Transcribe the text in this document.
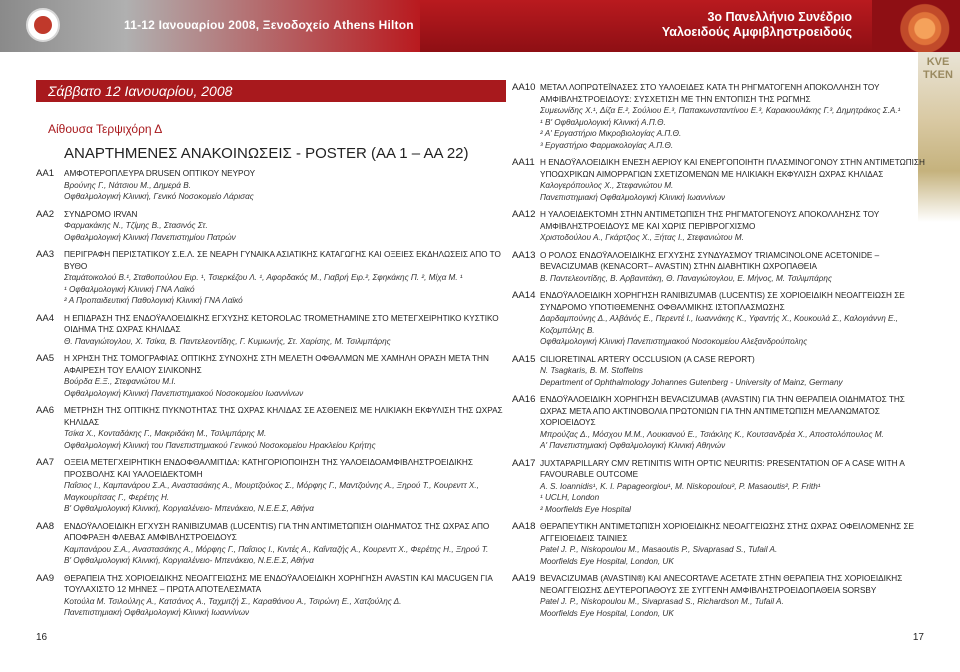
11-12 Ιανουαρίου 2008, Ξενοδοχείο Athens Hilton
3ο Πανελλήνιο Συνέδριο
Υαλοειδούς Αμφιβληστροειδούς
KVE
TKEN
Σάββατο 12 Ιανουαρίου, 2008
Αίθουσα Τερψιχόρη Δ
ΑΝΑΡΤΗΜΕΝΕΣ ΑΝΑΚΟΙΝΩΣΕΙΣ - POSTER (ΑΑ 1 – ΑΑ 22)
ΑΑ1	ΑΜΦΟΤΕΡΟΠΛΕΥΡΑ DRUSEN ΟΠΤΙΚΟΥ ΝΕΥΡΟΥ
Βρούνης Γ., Νάτσιου Μ., Δημερά Β.
Οφθαλμολογική Κλινική, Γενικό Νοσοκομείο Λάρισας
ΑΑ2	ΣΥΝΔΡΟΜΟ IRVAN
Φαρμακάκης Ν., Τζίμης Β., Στασινός Στ.
Οφθαλμολογική Κλινική Πανεπιστημίου Πατρών
ΑΑ3	ΠΕΡΙΓΡΑΦΗ ΠΕΡΙΣΤΑΤΙΚΟΥ Σ.Ε.Λ. ΣΕ ΝΕΑΡΗ ΓΥΝΑΙΚΑ ΑΣΙΑΤΙΚΗΣ ΚΑΤΑΓΩΓΗΣ ΚΑΙ ΟΞΕΙΕΣ ΕΚΔΗΛΩΣΕΙΣ ΑΠΟ ΤΟ ΒΥΘΟ
Σταμάτοικολού Β.¹, Σταθοπούλου Ειρ. ¹, Τσιερκέζου Λ. ¹, Αφορδακός Μ., Γιαβρή Ειρ.², Σφηκάκης Π. ², Μίχα Μ. ¹
¹ Οφθαλμολογική Κλινική ΓΝΑ Λαϊκό
² Α Προπαιδευτική Παθολογική Κλινική ΓΝΑ Λαϊκό
ΑΑ4	Η ΕΠΙΔΡΑΣΗ ΤΗΣ ΕΝΔΟΫΑΛΟΕΙΔΙΚΗΣ ΕΓΧΥΣΗΣ KETOROLAC TROMETHAMINE ΣΤΟ ΜΕΤΕΓΧΕΙΡΗΤΙΚΟ ΚΥΣΤΙΚΟ ΟΙΔΗΜΑ ΤΗΣ ΩΧΡΑΣ ΚΗΛΙΔΑΣ
Θ. Παναγιώτογλου, Χ. Τσίκα, Β. Παντελεοντίδης, Γ. Κυμιωνής, Στ. Χαρίσης, Μ. Τσιλιμπάρης
ΑΑ5	Η ΧΡΗΣΗ ΤΗΣ ΤΟΜΟΓΡΑΦΙΑΣ ΟΠΤΙΚΗΣ ΣΥΝΟΧΗΣ ΣΤΗ ΜΕΛΕΤΗ ΟΦΘΑΛΜΩΝ ΜΕ ΧΑΜΗΛΗ ΟΡΑΣΗ ΜΕΤΑ ΤΗΝ ΑΦΑΙΡΕΣΗ ΤΟΥ ΕΛΑΙΟΥ ΣΙΛΙΚΟΝΗΣ
Βούρδα Ε.Ξ., Στεφανιώτου Μ.Ι.
Οφθαλμολογική Κλινική Πανεπιστημιακού Νοσοκομείου Ιωαννίνων
ΑΑ6	ΜΕΤΡΗΣΗ ΤΗΣ ΟΠΤΙΚΗΣ ΠΥΚΝΟΤΗΤΑΣ ΤΗΣ ΩΧΡΑΣ ΚΗΛΙΔΑΣ ΣΕ ΑΣΘΕΝΕΙΣ ΜΕ ΗΛΙΚΙΑΚΗ ΕΚΦΥΛΙΣΗ ΤΗΣ ΩΧΡΑΣ ΚΗΛΙΔΑΣ
Τσίκα Χ., Κονταδάκης Γ., Μακριδάκη Μ., Τσιλιμπάρης Μ.
Οφθαλμολογική Κλινική του Πανεπιστημιακού Γενικού Νοσοκομείου Ηρακλείου Κρήτης
ΑΑ7	ΟΞΕΙΑ ΜΕΤΕΓΧΕΙΡΗΤΙΚΗ ΕΝΔΟΦΘΑΛΜΙΤΙΔΑ: ΚΑΤΗΓΟΡΙΟΠΟΙΗΣΗ ΤΗΣ ΥΑΛΟΕΙΔΟΑΜΦΙΒΛΗΣΤΡΟΕΙΔΙΚΗΣ ΠΡΟΣΒΟΛΗΣ ΚΑΙ ΥΑΛΟΕΙΔΕΚΤΟΜΗ
Παΐσιος Ι., Καμπανάρου Σ.Α., Αναστασάκης Α., Μουρτζούκος Σ., Μόρφης Γ., Μαντζούνης Α., Ξηρού Τ., Κουρενττ Χ., Μαγκουρίτσας Γ., Φερέτης Η.
Β' Οφθαλμολογική Κλινική, Κοργιαλένειο- Μπενάκειο, Ν.Ε.Ε.Σ, Αθήνα
ΑΑ8	ΕΝΔΟΫΑΛΟΕΙΔΙΚΗ ΕΓΧΥΣΗ RANIBIZUMAB (LUCENTIS) ΓΙΑ ΤΗΝ ΑΝΤΙΜΕΤΩΠΙΣΗ ΟΙΔΗΜΑΤΟΣ ΤΗΣ ΩΧΡΑΣ ΑΠΟ ΑΠΟΦΡΑΞΗ ΦΛΕΒΑΣ ΑΜΦΙΒΛΗΣΤΡΟΕΙΔΟΥΣ
Καμπανάρου Σ.Α., Αναστασάκης Α., Μόρφης Γ., Παΐσιος Ι., Κιντές Α., Καΐνταζής Α., Κουρενττ Χ., Φερέτης Η., Ξηρού Τ.
Β' Οφθαλμολογική Κλινική, Κοργιαλένειο- Μπενάκειο, Ν.Ε.Ε.Σ, Αθήνα
ΑΑ9	ΘΕΡΑΠΕΙΑ ΤΗΣ ΧΟΡΙΟΕΙΔΙΚΗΣ ΝΕΟΑΓΓΕΙΩΣΗΣ ΜΕ ΕΝΔΟΫΑΛΟΕΙΔΙΚΗ ΧΟΡΗΓΗΣΗ AVASTIN ΚΑΙ MACUGEN ΓΙΑ ΤΟΥΛΑΧΙΣΤΟ 12 ΜΗΝΕΣ – ΠΡΩΤΑ ΑΠΟΤΕΛΕΣΜΑΤΑ
Κοτούλα Μ. Τσιλούλης Α., Κατσάνος Α., Ταχμιτζή Σ., Καραθάνου Α., Τσιρώνη Ε., Χατζούλης Δ.
Πανεπιστημιακή Οφθαλμολογική Κλινική Ιωαννίνων
ΑΑ10 ΜΕΤΑΛ ΛΟΠΡΩΤΕΪΝΑΣΕΣ ΣΤΟ ΥΑΛΟΕΙΔΕΣ ΚΑΤΑ ΤΗ ΡΗΓΜΑΤΟΓΕΝΗ ΑΠΟΚΟΛΛΗΣΗ ΤΟΥ ΑΜΦΙΒΛΗΣΤΡΟΕΙΔΟΥΣ: ΣΥΣΧΕΤΙΣΗ ΜΕ ΤΗΝ ΕΝΤΟΠΙΣΗ ΤΗΣ ΡΩΓΜΗΣ
Συμεωνίδης Χ.¹, Δίζα Ε.², Σούλιου Ε.³, Παπακωνσταντίνου Ε.³, Καρακιουλάκης Γ.³, Δημητράκος Σ.Α.¹
¹ Β' Οφθαλμολογική Κλινική Α.Π.Θ.
² Α' Εργαστήριο Μικροβιολογίας Α.Π.Θ.
³ Εργαστήριο Φαρμακολογίας Α.Π.Θ.
ΑΑ11 Η ΕΝΔΟΫΑΛΟΕΙΔΙΚΗ ΕΝΕΣΗ ΑΕΡΙΟΥ ΚΑΙ ΕΝΕΡΓΟΠΟΙΗΤΗ ΠΛΑΣΜΙΝΟΓΟΝΟΥ ΣΤΗΝ ΑΝΤΙΜΕΤΩΠΙΣΗ ΥΠΟΩΧΡΙΚΩΝ ΑΙΜΟΡΡΑΓΙΩΝ ΣΧΕΤΙΖΟΜΕΝΩΝ ΜΕ ΗΛΙΚΙΑΚΗ ΕΚΦΥΛΙΣΗ ΩΧΡΑΣ ΚΗΛΙΔΑΣ
Καλογερόπουλος Χ., Στεφανιώτου Μ.
Πανεπιστημιακή Οφθαλμολογική Κλινική Ιωαννίνων
ΑΑ12 Η ΥΑΛΟΕΙΔΕΚΤΟΜΗ ΣΤΗΝ ΑΝΤΙΜΕΤΩΠΙΣΗ ΤΗΣ ΡΗΓΜΑΤΟΓΕΝΟΥΣ ΑΠΟΚΟΛΛΗΣΗΣ ΤΟΥ ΑΜΦΙΒΛΗΣΤΡΟΕΙΔΟΥΣ ΜΕ ΚΑΙ ΧΩΡΙΣ ΠΕΡΙΒΡΟΓΧΙΣΜΟ
Χριστοδούλου Α., Γκάρτζιος Χ., Ξήτας Ι., Στεφανιώτου Μ.
ΑΑ13 Ο ΡΟΛΟΣ ΕΝΔΟΫΑΛΟΕΙΔΙΚΗΣ ΕΓΧΥΣΗΣ ΣΥΝΔΥΑΣΜΟΥ TRIAMCINOLONE ACETONIDE – BEVACIZUMAB (KENACORT– AVASTIN) ΣΤΗΝ ΔΙΑΒΗΤΙΚΗ ΩΧΡΟΠΑΘΕΙΑ
Β. Παντελεοντίδης, Β. Αρβανιτάκη, Θ. Παναγιώτογλου, Ε. Μήνος, Μ. Τσιλιμπάρης
ΑΑ14 ΕΝΔΟΫΑΛΟΕΙΔΙΚΗ ΧΟΡΗΓΗΣΗ RANIBIZUMAB (LUCENTIS) ΣΕ ΧΟΡΙΟΕΙΔΙΚΗ ΝΕΟΑΓΓΕΙΩΣΗ ΣΕ ΣΥΝΔΡΟΜΟ ΥΠΟΤΙΘΕΜΕΝΗΣ ΟΦΘΑΛΜΙΚΗΣ ΙΣΤΟΠΛΑΣΜΩΣΗΣ
Δαρδαμπούνης Δ., Αλβάνός Ε., Περεντέ Ι., Ιωαννάκης Κ., Υφαντής Χ., Κουκουλά Σ., Καλογιάννη Ε., Κοζομπόλης Β.
Οφθαλμολογική Κλινική Πανεπιστημιακού Νοσοκομείου Αλεξανδρούπολης
ΑΑ15 CILIORETINAL ARTERY OCCLUSION (A CASE REPORT)
N. Tsagkaris, B. M. Stoffelns
Department of Ophthalmology Johannes Gutenberg - University of Mainz, Germany
ΑΑ16 ΕΝΔΟΫΑΛΟΕΙΔΙΚΗ ΧΟΡΗΓΗΣΗ BEVACIZUMAB (AVASTIN) ΓΙΑ ΤΗΝ ΘΕΡΑΠΕΙΑ ΟΙΔΗΜΑΤΟΣ ΤΗΣ ΩΧΡΑΣ ΜΕΤΑ ΑΠΟ ΑΚΤΙΝΟΒΟΛΙΑ ΠΡΩΤΟΝΙΩΝ ΓΙΑ ΤΗΝ ΑΝΤΙΜΕΤΩΠΙΣΗ ΜΕΛΑΝΩΜΑΤΟΣ ΧΟΡΙΟΕΙΔΟΥΣ
Μπρούζας Δ., Μόσχου Μ.Μ., Λουκιανού Ε., Τσιάκλης Κ., Κουτσανδρέα Χ., Αποστολόπουλος Μ.
Α' Πανεπιστημιακή Οφθαλμολογική Κλινική Αθηνών
ΑΑ17 JUXTAPAPILLARY CMV RETINITIS WITH OPTIC NEURITIS: PRESENTATION OF A CASE WITH A FAVOURABLE OUTCOME
A. S. Ioannidis¹, K. I. Papageorgiou¹, M. Niskopoulou², P. Masaoutis², P. Frith¹
¹ UCLH, London
² Moorfields Eye Hospital
ΑΑ18 ΘΕΡΑΠΕΥΤΙΚΗ ΑΝΤΙΜΕΤΩΠΙΣΗ ΧΟΡΙΟΕΙΔΙΚΗΣ ΝΕΟΑΓΓΕΙΩΣΗΣ ΣΤΗΣ ΩΧΡΑΣ ΟΦΕΙΛΟΜΕΝΗΣ ΣΕ ΑΓΓΕΙΟΕΙΔΕΙΣ ΤΑΙΝΙΕΣ
Patel J. P., Niskopoulou M., Masaoutis P., Sivaprasad S., Tufail A.
Moorfields Eye Hospital, London, UK
ΑΑ19 BEVACIZUMAB (AVASTIN®) ΚΑΙ ANECORTAVE ACETATE ΣΤΗΝ ΘΕΡΑΠΕΙΑ ΤΗΣ ΧΟΡΙΟΕΙΔΙΚΗΣ ΝΕΟΑΓΓΕΙΩΣΗΣ ΔΕΥΤΕΡΟΠΑΘΟΥΣ ΣΕ ΣΥΓΓΕΝΗ ΑΜΦΙΒΛΗΣΤΡΟΕΙΔΟΠΑΘΕΙΑ SORSBY
Patel J. P., Niskopoulou M., Sivaprasad S., Richardson M., Tufail A.
Moorfields Eye Hospital, London, UK
16	17
